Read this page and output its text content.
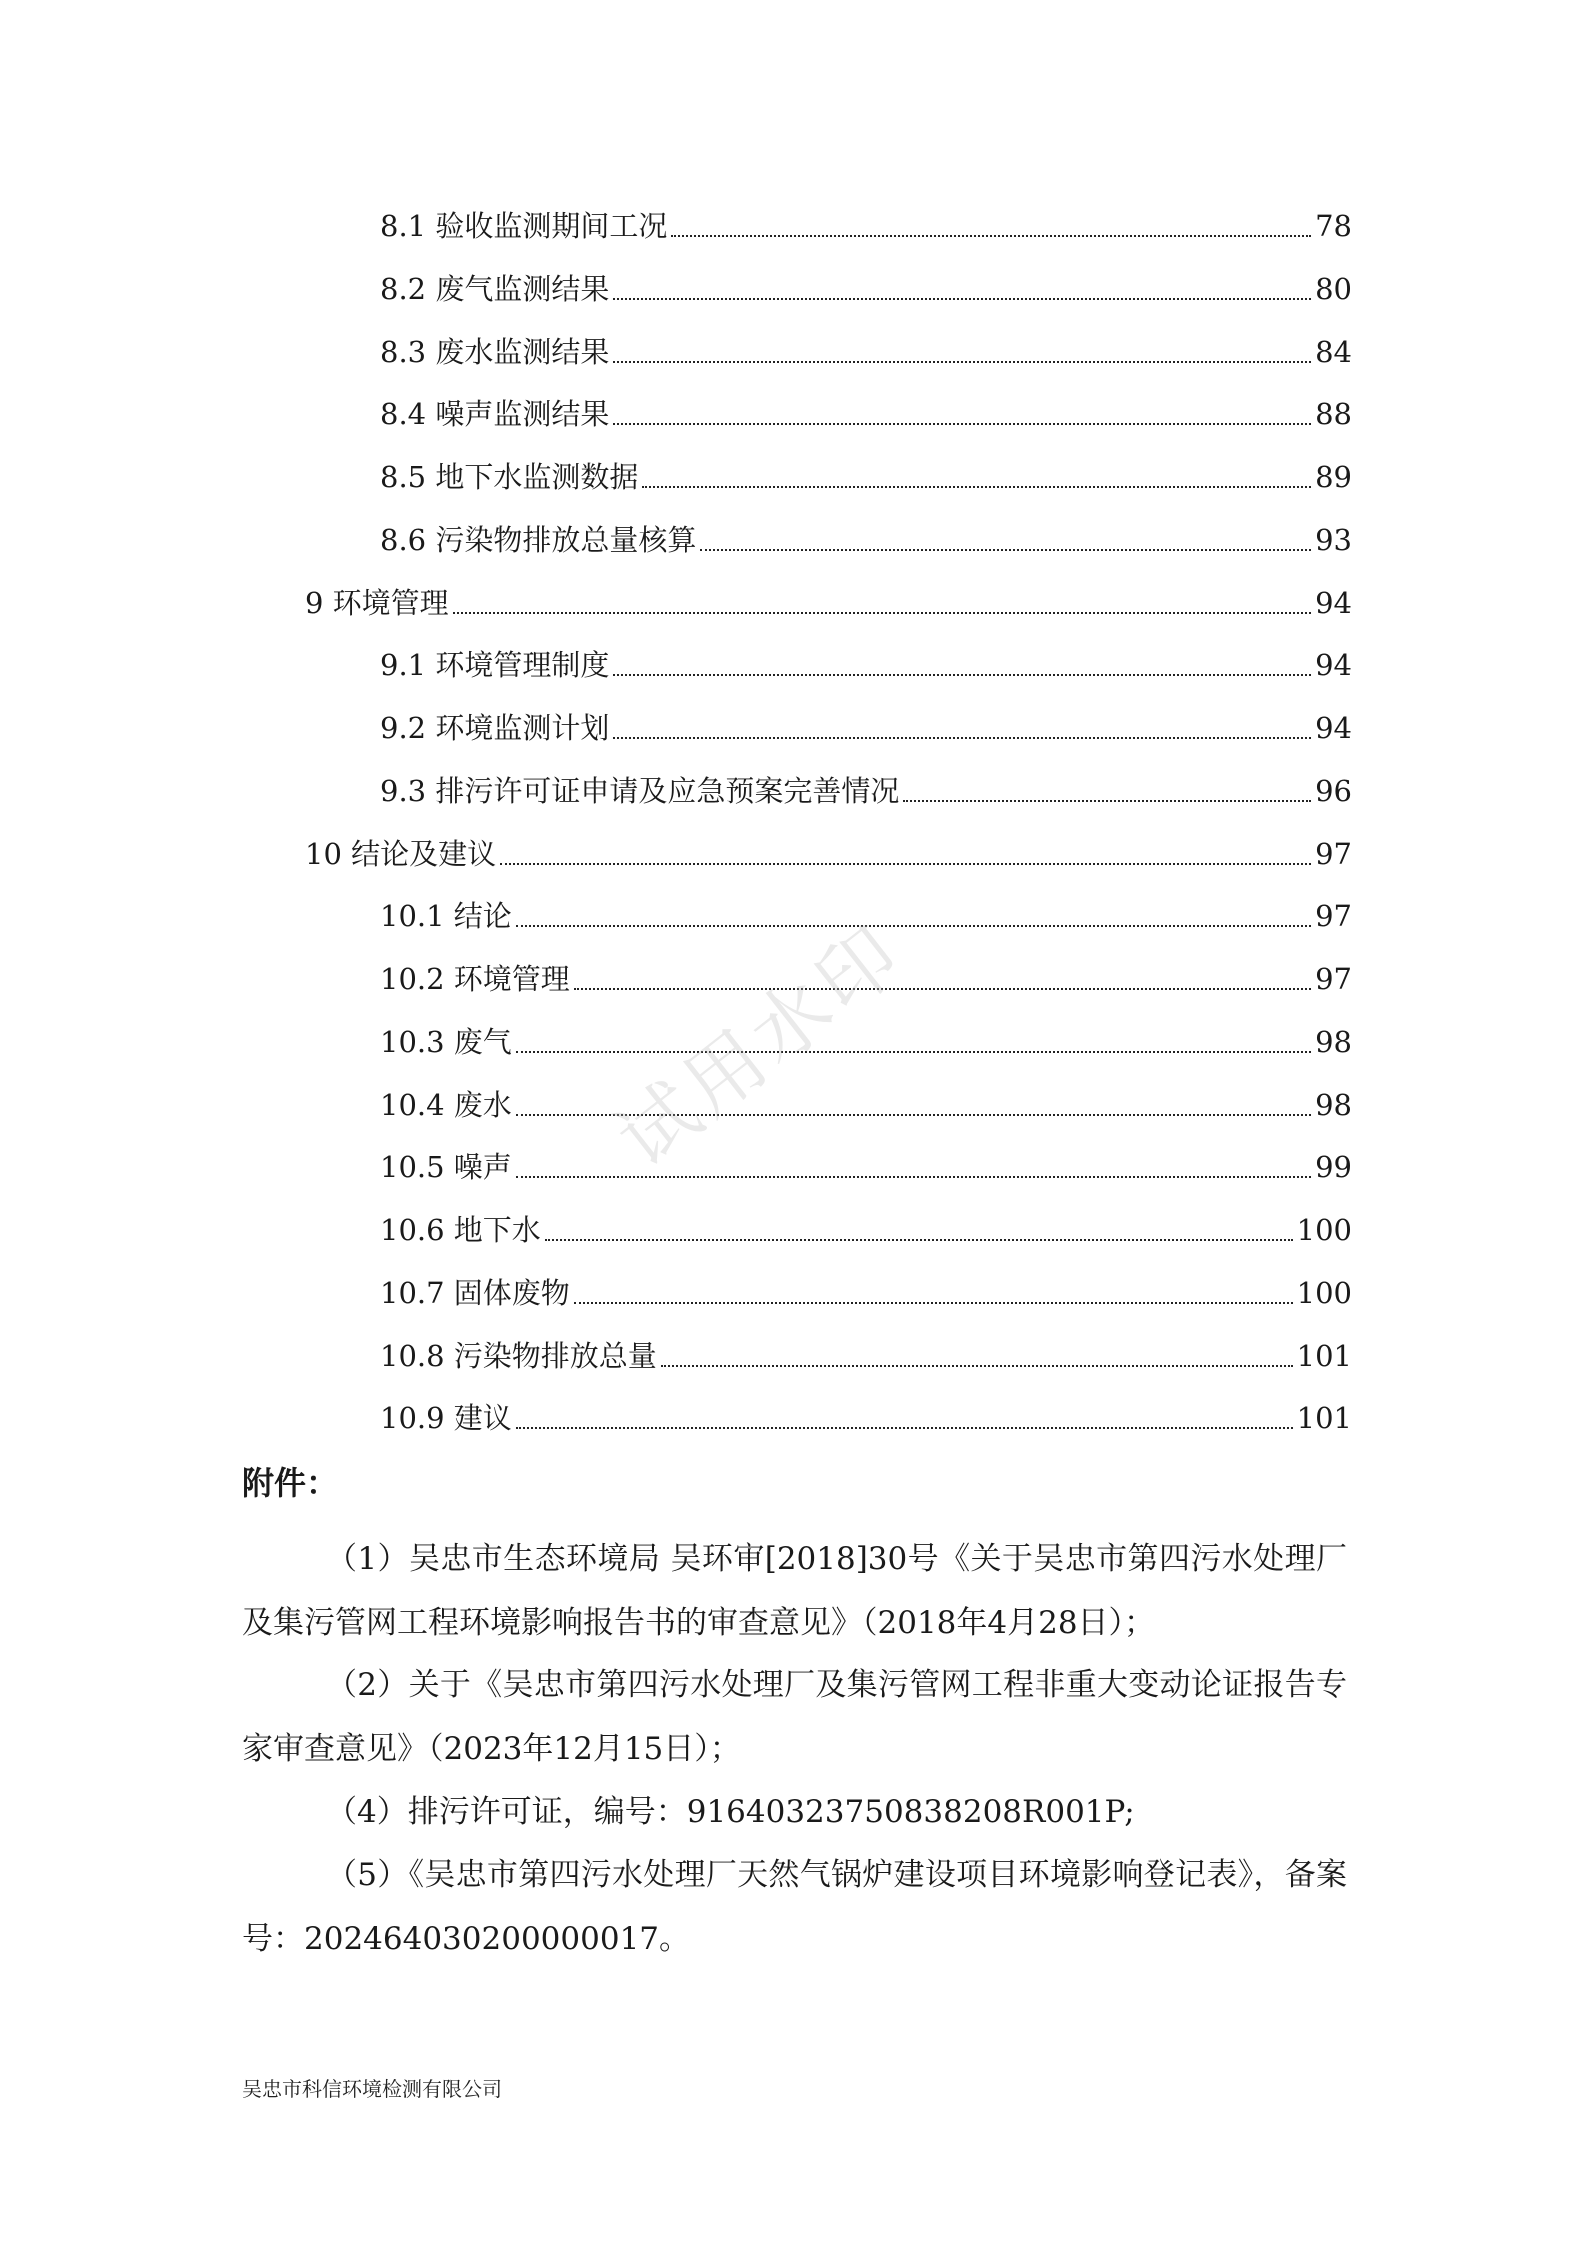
8.1 验收监测期间工况	78
8.2 废气监测结果	80
8.3 废水监测结果	84
8.4 噪声监测结果	88
8.5 地下水监测数据	89
8.6 污染物排放总量核算	93
9 环境管理	94
9.1 环境管理制度	94
9.2 环境监测计划	94
9.3 排污许可证申请及应急预案完善情况	96
10 结论及建议	97
10.1 结论	97
10.2 环境管理	97
10.3 废气	98
10.4 废水	98
10.5 噪声	99
10.6 地下水	100
10.7 固体废物	100
10.8 污染物排放总量	101
10.9 建议	101
附件：

（1）吴忠市生态环境局 吴环审[2018]30号《关于吴忠市第四污水处理厂及集污管网工程环境影响报告书的审查意见》（2018年4月28日）；

（2）关于《吴忠市第四污水处理厂及集污管网工程非重大变动论证报告专家审查意见》（2023年12月15日）；

（4）排污许可证，编号：91640323750838208R001P;

（5）《吴忠市第四污水处理厂天然气锅炉建设项目环境影响登记表》，备案号：202464030200000017。

吴忠市科信环境检测有限公司
试用水印
